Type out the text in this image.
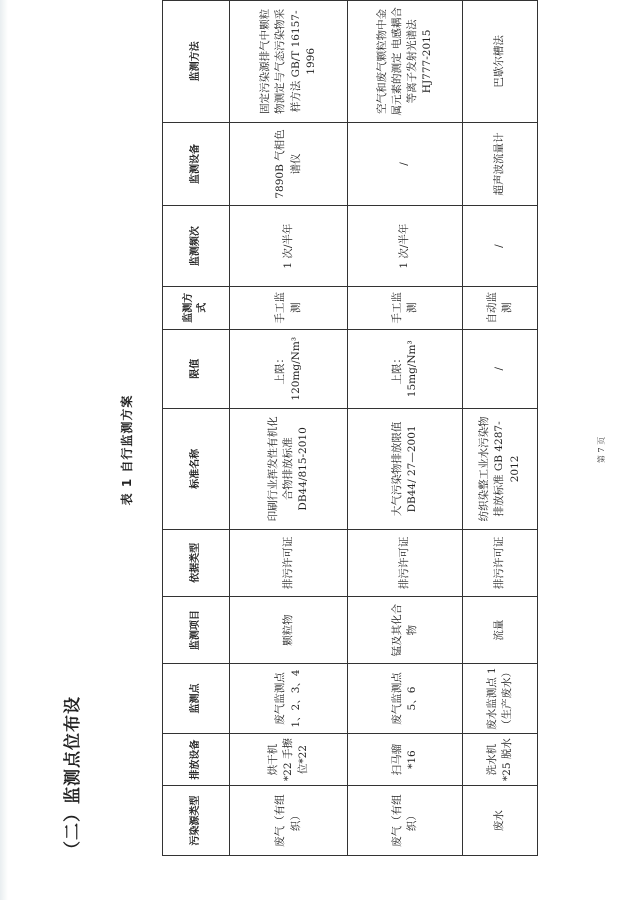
（二）监测点位布设
表 1 自行监测方案
污染源类型	排放设备	监测点	监测项目	依据类型	标准名称	限值	监测方式	监测频次	监测设备	监测方法
废气（有组织）	烘干机*22 手擦位*22	废气监测点 1、2、3、4	颗粒物	排污许可证	印刷行业挥发性有机化合物排放标准 DB44/815-2010	上限：120mg/Nm³	手工监测	1 次/半年	7890B 气相色谱仪	固定污染源排气中颗粒物测定与气态污染物采样方法 GB/T 16157-1996
废气（有组织）	扫马骝*16	废气监测点 5、6	锰及其化合物	排污许可证	大气污染物排放限值 DB44/ 27—2001	上限：15mg/Nm³	手工监测	1 次/半年	/	空气和废气颗粒物中金属元素的测定 电感耦合等离子发射光谱法 HJ777-2015
废水	洗水机*25 脱水	废水监测点 1（生产废水）	流量	排污许可证	纺织染整工业水污染物排放标准 GB 4287-2012	/	自动监测	/	超声波流量计	巴歇尔槽法
第 7 页
